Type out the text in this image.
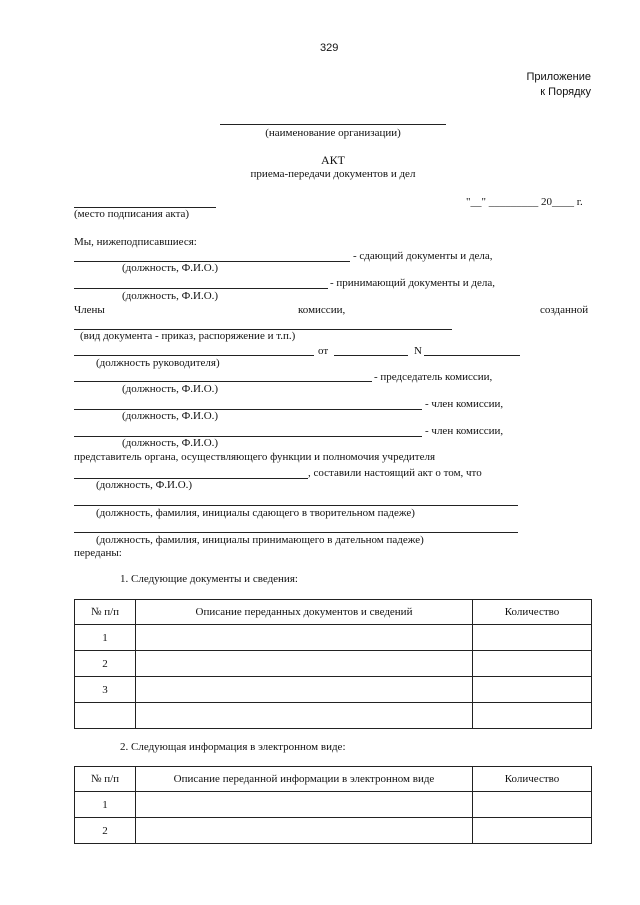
329
Приложение
к Порядку
(наименование организации)
АКТ
приема-передачи документов и дел
"__" _________ 20____ г.
(место подписания акта)
Мы, нижеподписавшиеся:
- сдающий документы и дела,
(должность, Ф.И.О.)
- принимающий документы и дела,
(должность, Ф.И.О.)
Члены	комиссии,	созданной
(вид документа - приказ, распоряжение и т.п.)
от	N
(должность руководителя)
- председатель комиссии,
(должность, Ф.И.О.)
- член комиссии,
(должность, Ф.И.О.)
- член комиссии,
(должность, Ф.И.О.)
представитель органа, осуществляющего функции и полномочия учредителя
, составили настоящий акт о том, что
(должность, Ф.И.О.)
(должность, фамилия, инициалы сдающего в творительном падеже)
(должность, фамилия, инициалы принимающего в дательном падеже)
переданы:
1. Следующие документы и сведения:
№ п/п	Описание переданных документов и сведений	Количество
1		
2		
3		

2. Следующая информация в электронном виде:
№ п/п	Описание переданной информации в электронном виде	Количество
1		
2		
